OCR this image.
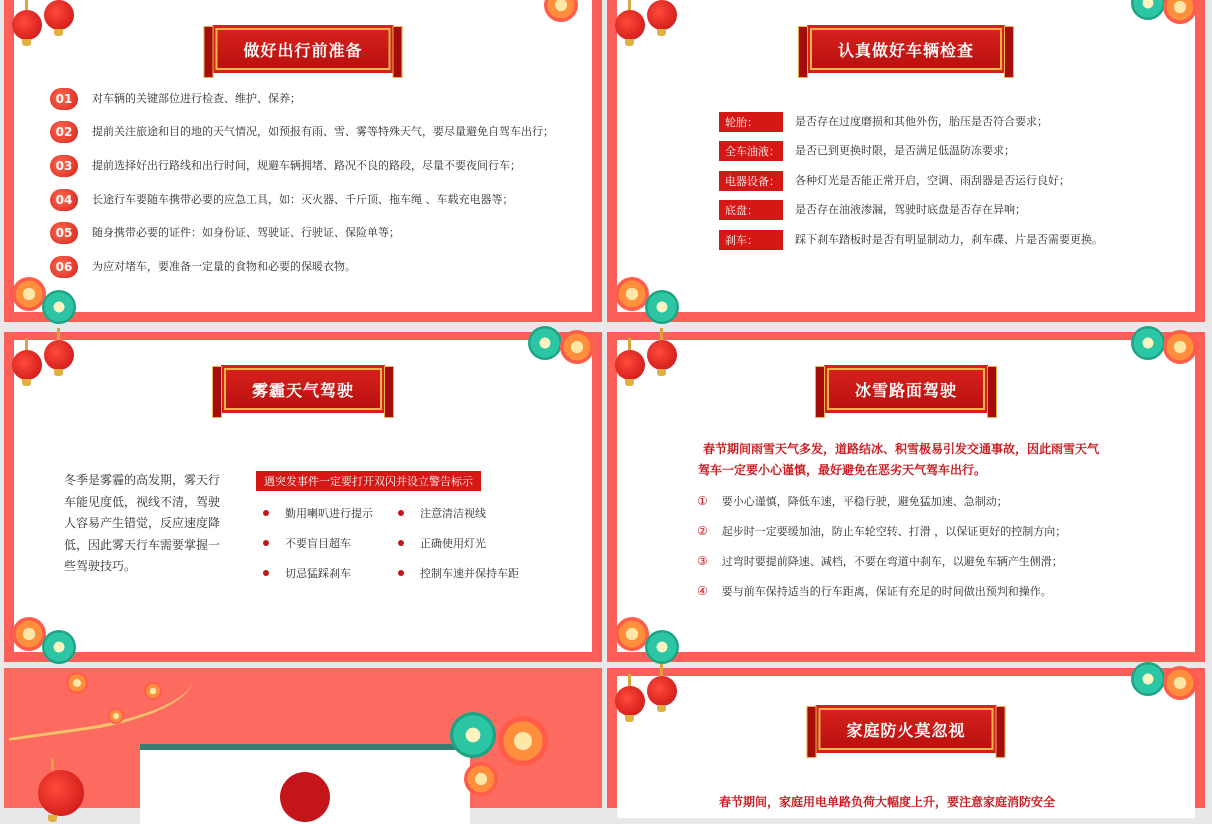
做好出行前准备
01	对车辆的关键部位进行检查、维护、保养；
02	提前关注旅途和目的地的天气情况，如预报有雨、雪、雾等特殊天气，要尽量避免自驾车出行；
03	提前选择好出行路线和出行时间，规避车辆拥堵、路况不良的路段，尽量不要夜间行车；
04	长途行车要随车携带必要的应急工具，如：灭火器、千斤顶、拖车绳 、车载充电器等；
05	随身携带必要的证件：如身份证、驾驶证、行驶证、保险单等；
06	为应对堵车，要准备一定量的食物和必要的保暖衣物。
认真做好车辆检查
轮胎：	是否存在过度磨损和其他外伤，胎压是否符合要求；
全车油液： 是否已到更换时限，是否满足低温防冻要求；
电器设备： 各种灯光是否能正常开启，空调、雨刮器是否运行良好；
底盘：	是否存在油液渗漏，驾驶时底盘是否存在异响；
刹车：	踩下刹车踏板时是否有明显制动力，刹车碟、片是否需要更换。
雾霾天气驾驶
冬季是雾霾的高发期，雾天行车能见度低，视线不清，驾驶人容易产生错觉，反应速度降低，因此雾天行车需要掌握一些驾驶技巧。
遇突发事件一定要打开双闪并设立警告标示
勤用喇叭进行提示
不要盲目超车
切忌猛踩刹车
注意清洁视线
正确使用灯光
控制车速并保持车距
冰雪路面驾驶
春节期间雨雪天气多发，道路结冰、积雪极易引发交通事故，因此雨雪天气
驾车一定要小心谨慎，最好避免在恶劣天气驾车出行。
① 要小心谨慎，降低车速，平稳行驶，避免猛加速、急制动；
② 起步时一定要缓加油，防止车轮空转、打滑 ，以保证更好的控制方向；
③ 过弯时要提前降速、减档，不要在弯道中刹车，以避免车辆产生侧滑；
④ 要与前车保持适当的行车距离，保证有充足的时间做出预判和操作。
家庭防火莫忽视
春节期间，家庭用电单路负荷大幅度上升，要注意家庭消防安全
